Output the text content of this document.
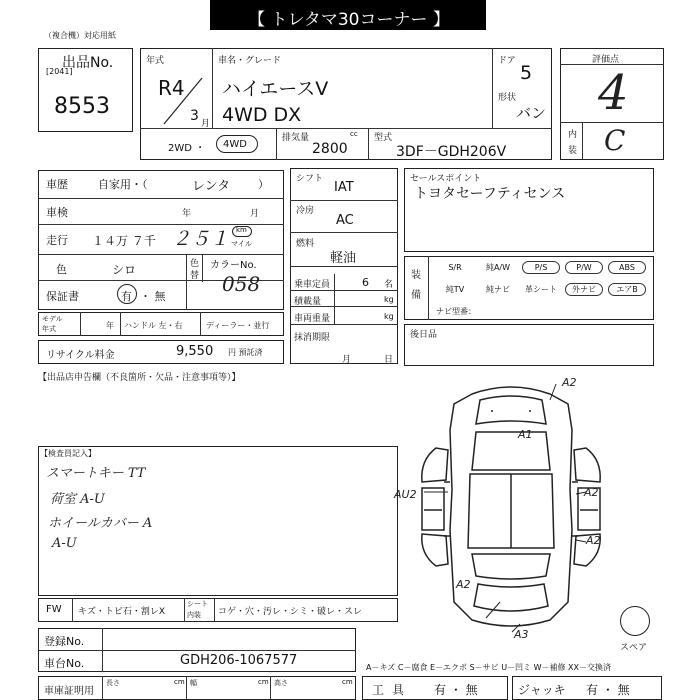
【 トレタマ30コーナー 】
（複合機）対応用紙
出品No.
[2041]
8553
年式
R4
3 月
車名・グレード
ハイエースV
4WD DX
ドア
5
形状
バン
2WD ・ 4WD
排気量	cc
2800
型式
3DF－GDH206V
評価点
4
内
装 C
車歴	自家用・（	レンタ	）
車検	年	月
走行 １４万 ７千 ２５１ km
マイル
色	シロ	色
替
カラーNo.
058
保証書	有 ・ 無
モデル
年式	年 ハンドル 左・右	ディーラー・並行
リサイクル料金	9,550 円 預託済
【出品店申告欄（不良箇所・欠品・注意事項等）】
シフト
IAT
冷房
AC
燃料
軽油
乗車定員	6 名
積載量	kg
車両重量	kg
抹消期限
月	日
セールスポイント
トヨタセーフティセンス
装
備
S/R	純A/W	P/S	P/W	ABS
純TV	純ナビ	革シート	外ナビ	エアB
ナビ型番：
後日品
【検査員記入】
スマートキー TT
荷室 A-U
ホイールカバー A
A-U
FW キズ・トビ石・割レX
シート
内装 コゲ・穴・汚レ・シミ・破レ・スレ
登録No.
車台No.	GDH206-1067577	A－キズ C－腐食 E－エクボ S－サビ U－凹ミ W－補修 XX－交換済
車庫証明用
長さ	幅	高さ
cm	cm	cm
工具 有 ・ 無	ジャッキ 有 ・ 無
スペア
A2
A1
AU2	A2
A2
A2
A3
